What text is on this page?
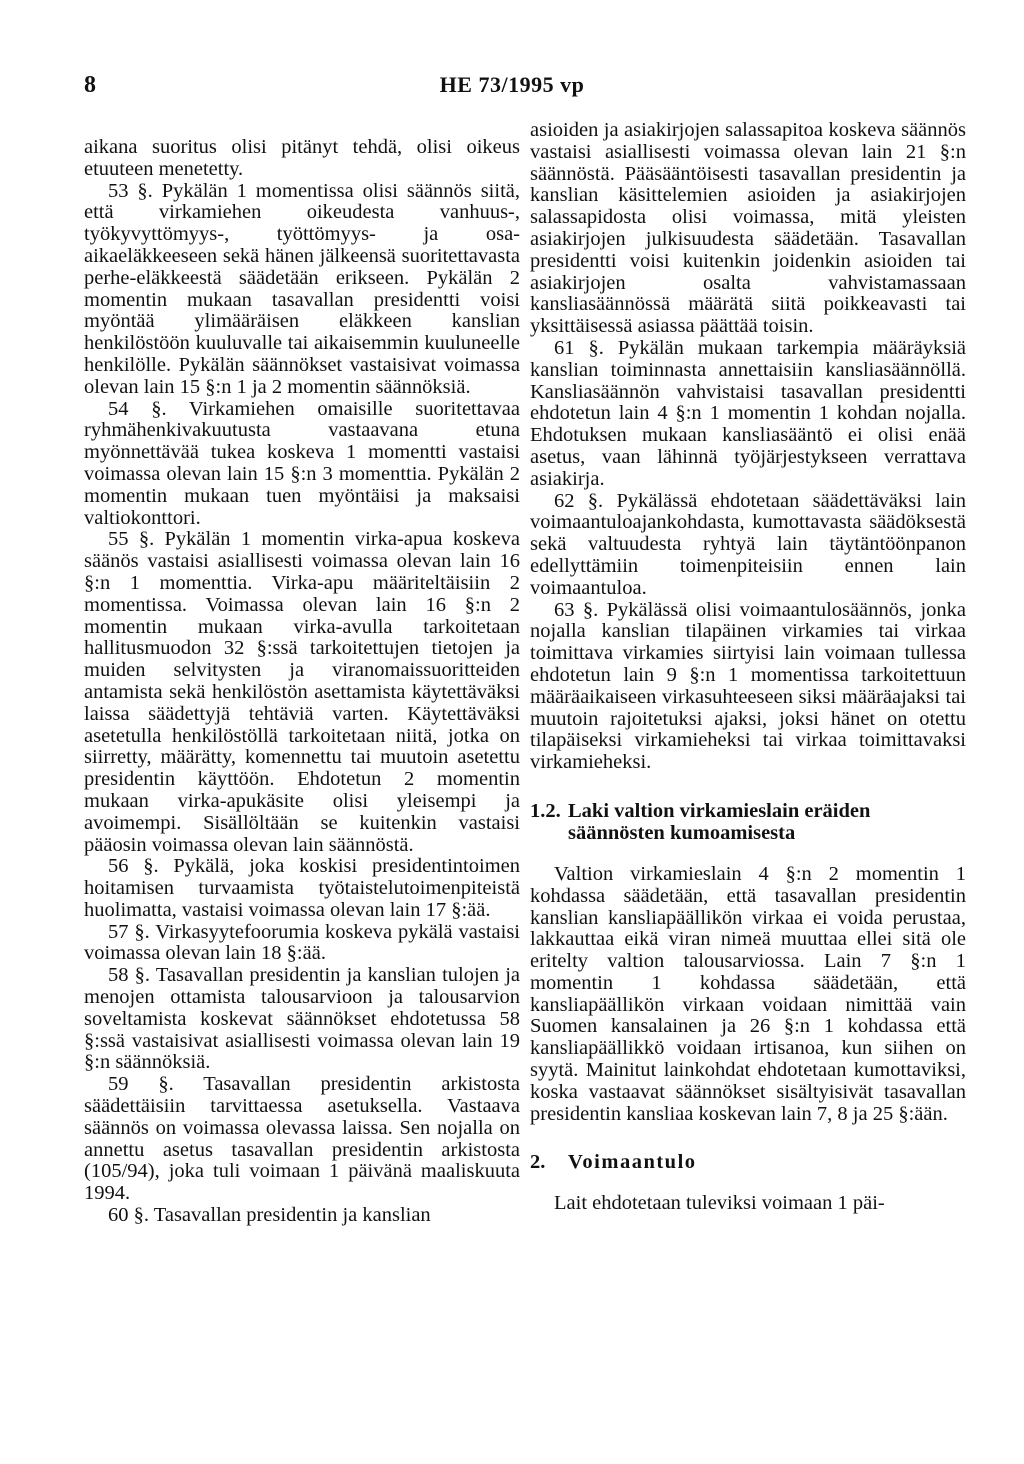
8	HE 73/1995 vp

aikana suoritus olisi pitänyt tehdä, olisi oikeus etuuteen menetetty.

53 §. Pykälän 1 momentissa olisi säännös siitä, että virkamiehen oikeudesta vanhuus-, työkyvyttömyys-, työttömyys- ja osa-aikaeläkkeeseen sekä hänen jälkeensä suoritettavasta perhe-eläkkeestä säädetään erikseen. Pykälän 2 momentin mukaan tasavallan presidentti voisi myöntää ylimääräisen eläkkeen kanslian henkilöstöön kuuluvalle tai aikaisemmin kuuluneelle henkilölle. Pykälän säännökset vastaisivat voimassa olevan lain 15 §:n 1 ja 2 momentin säännöksiä.

54 §. Virkamiehen omaisille suoritettavaa ryhmähenkivakuutusta vastaavana etuna myönnettävää tukea koskeva 1 momentti vastaisi voimassa olevan lain 15 §:n 3 momenttia. Pykälän 2 momentin mukaan tuen myöntäisi ja maksaisi valtiokonttori.

55 §. Pykälän 1 momentin virka-apua koskeva säänös vastaisi asiallisesti voimassa olevan lain 16 §:n 1 momenttia. Virka-apu määriteltäisiin 2 momentissa. Voimassa olevan lain 16 §:n 2 momentin mukaan virka-avulla tarkoitetaan hallitusmuodon 32 §:ssä tarkoitettujen tietojen ja muiden selvitysten ja viranomaissuoritteiden antamista sekä henkilöstön asettamista käytettäväksi laissa säädettyjä tehtäviä varten. Käytettäväksi asetetulla henkilöstöllä tarkoitetaan niitä, jotka on siirretty, määrätty, komennettu tai muutoin asetettu presidentin käyttöön. Ehdotetun 2 momentin mukaan virka-apukäsite olisi yleisempi ja avoimempi. Sisällöltään se kuitenkin vastaisi pääosin voimassa olevan lain säännöstä.

56 §. Pykälä, joka koskisi presidentintoimen hoitamisen turvaamista työtaistelutoimenpiteistä huolimatta, vastaisi voimassa olevan lain 17 §:ää.

57 §. Virkasyytefoorumia koskeva pykälä vastaisi voimassa olevan lain 18 §:ää.

58 §. Tasavallan presidentin ja kanslian tulojen ja menojen ottamista talousarvioon ja talousarvion soveltamista koskevat säännökset ehdotetussa 58 §:ssä vastaisivat asiallisesti voimassa olevan lain 19 §:n säännöksiä.

59 §. Tasavallan presidentin arkistosta säädettäisiin tarvittaessa asetuksella. Vastaava säännös on voimassa olevassa laissa. Sen nojalla on annettu asetus tasavallan presidentin arkistosta (105/94), joka tuli voimaan 1 päivänä maaliskuuta 1994.

60 §. Tasavallan presidentin ja kanslian

asioiden ja asiakirjojen salassapitoa koskeva säännös vastaisi asiallisesti voimassa olevan lain 21 §:n säännöstä. Pääsääntöisesti tasavallan presidentin ja kanslian käsittelemien asioiden ja asiakirjojen salassapidosta olisi voimassa, mitä yleisten asiakirjojen julkisuudesta säädetään. Tasavallan presidentti voisi kuitenkin joidenkin asioiden tai asiakirjojen osalta vahvistamassaan kansliasäännössä määrätä siitä poikkeavasti tai yksittäisessä asiassa päättää toisin.

61 §. Pykälän mukaan tarkempia määräyksiä kanslian toiminnasta annettaisiin kansliasäännöllä. Kansliasäännön vahvistaisi tasavallan presidentti ehdotetun lain 4 §:n 1 momentin 1 kohdan nojalla. Ehdotuksen mukaan kansliasääntö ei olisi enää asetus, vaan lähinnä työjärjestykseen verrattava asiakirja.

62 §. Pykälässä ehdotetaan säädettäväksi lain voimaantuloajankohdasta, kumottavasta säädöksestä sekä valtuudesta ryhtyä lain täytäntöönpanon edellyttämiin toimenpiteisiin ennen lain voimaantuloa.

63 §. Pykälässä olisi voimaantulosäännös, jonka nojalla kanslian tilapäinen virkamies tai virkaa toimittava virkamies siirtyisi lain voimaan tullessa ehdotetun lain 9 §:n 1 momentissa tarkoitettuun määräaikaiseen virkasuhteeseen siksi määräajaksi tai muutoin rajoitetuksi ajaksi, joksi hänet on otettu tilapäiseksi virkamieheksi tai virkaa toimittavaksi virkamieheksi.

1.2. Laki valtion virkamieslain eräiden säännösten kumoamisesta

Valtion virkamieslain 4 §:n 2 momentin 1 kohdassa säädetään, että tasavallan presidentin kanslian kansliapäällikön virkaa ei voida perustaa, lakkauttaa eikä viran nimeä muuttaa ellei sitä ole eritelty valtion talousarviossa. Lain 7 §:n 1 momentin 1 kohdassa säädetään, että kansliapäällikön virkaan voidaan nimittää vain Suomen kansalainen ja 26 §:n 1 kohdassa että kansliapäällikkö voidaan irtisanoa, kun siihen on syytä. Mainitut lainkohdat ehdotetaan kumottaviksi, koska vastaavat säännökset sisältyisivät tasavallan presidentin kansliaa koskevan lain 7, 8 ja 25 §:ään.

2.	Voimaantulo

Lait ehdotetaan tuleviksi voimaan 1 päi-
